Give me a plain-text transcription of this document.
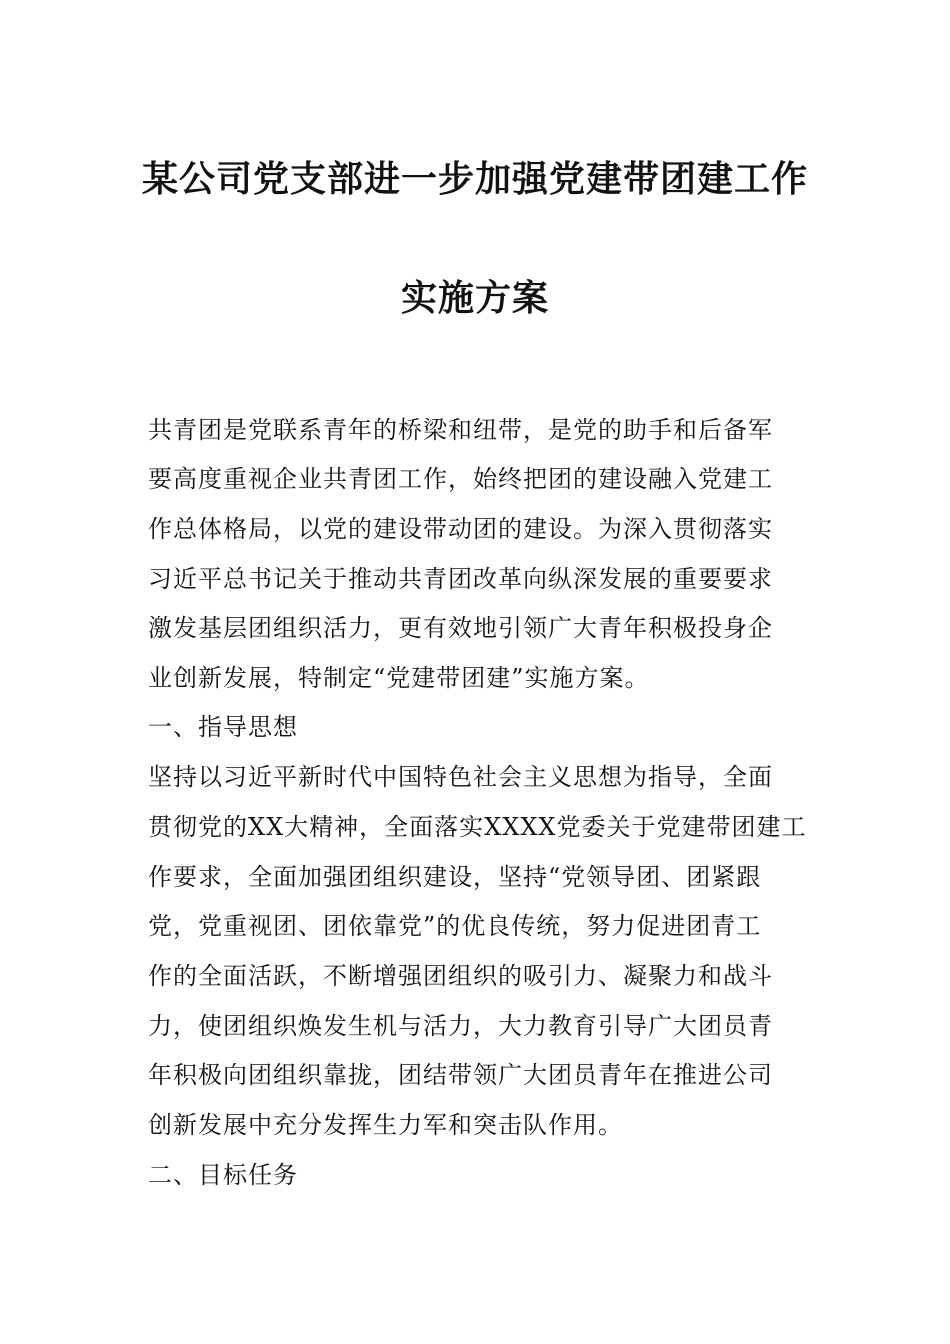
某公司党支部进一步加强党建带团建工作
实施方案

共青团是党联系青年的桥梁和纽带，是党的助手和后备军

要高度重视企业共青团工作，始终把团的建设融入党建工

作总体格局，以党的建设带动团的建设。为深入贯彻落实

习近平总书记关于推动共青团改革向纵深发展的重要要求

激发基层团组织活力，更有效地引领广大青年积极投身企

业创新发展，特制定“党建带团建”实施方案。

一、指导思想

坚持以习近平新时代中国特色社会主义思想为指导，全面

贯彻党的XX大精神，全面落实XXXX党委关于党建带团建工

作要求，全面加强团组织建设，坚持“党领导团、团紧跟

党，党重视团、团依靠党”的优良传统，努力促进团青工

作的全面活跃，不断增强团组织的吸引力、凝聚力和战斗

力，使团组织焕发生机与活力，大力教育引导广大团员青

年积极向团组织靠拢，团结带领广大团员青年在推进公司

创新发展中充分发挥生力军和突击队作用。

二、目标任务
